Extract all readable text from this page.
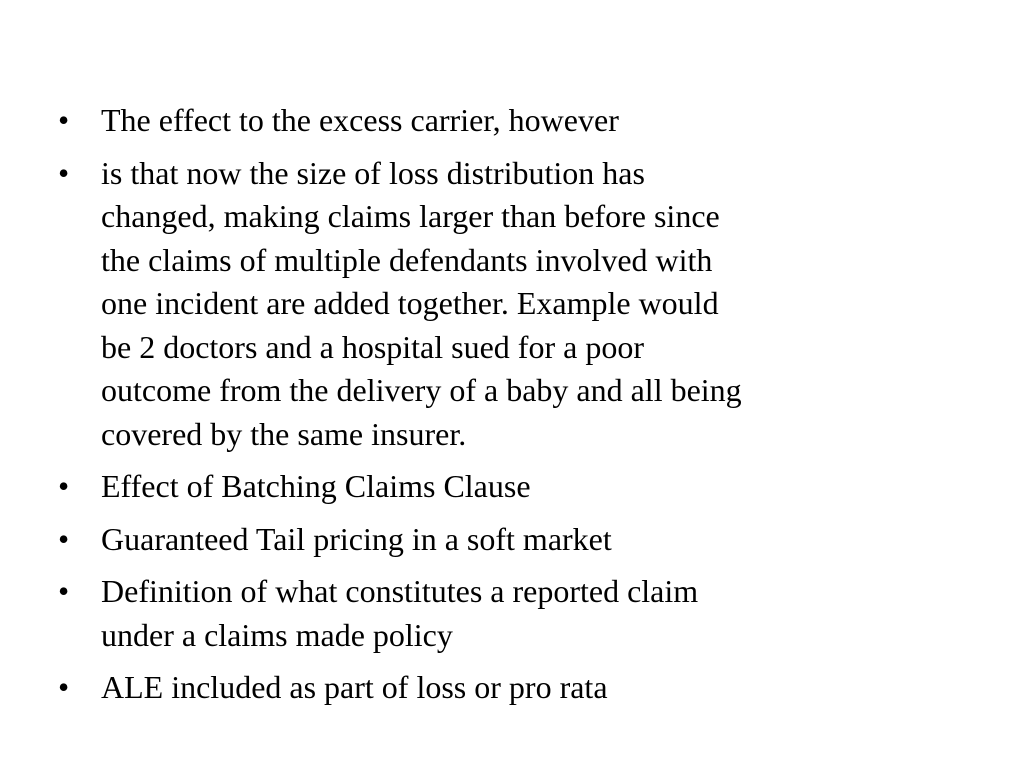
• The effect to the excess carrier, however
• is that now the size of loss distribution has
changed, making claims larger than before since
the claims of multiple defendants involved with
one incident are added together. Example would
be 2 doctors and a hospital sued for a poor
outcome from the delivery of a baby and all being
covered by the same insurer.
• Effect of Batching Claims Clause
• Guaranteed Tail pricing in a soft market
• Definition of what constitutes a reported claim
under a claims made policy
• ALE included as part of loss or pro rata
